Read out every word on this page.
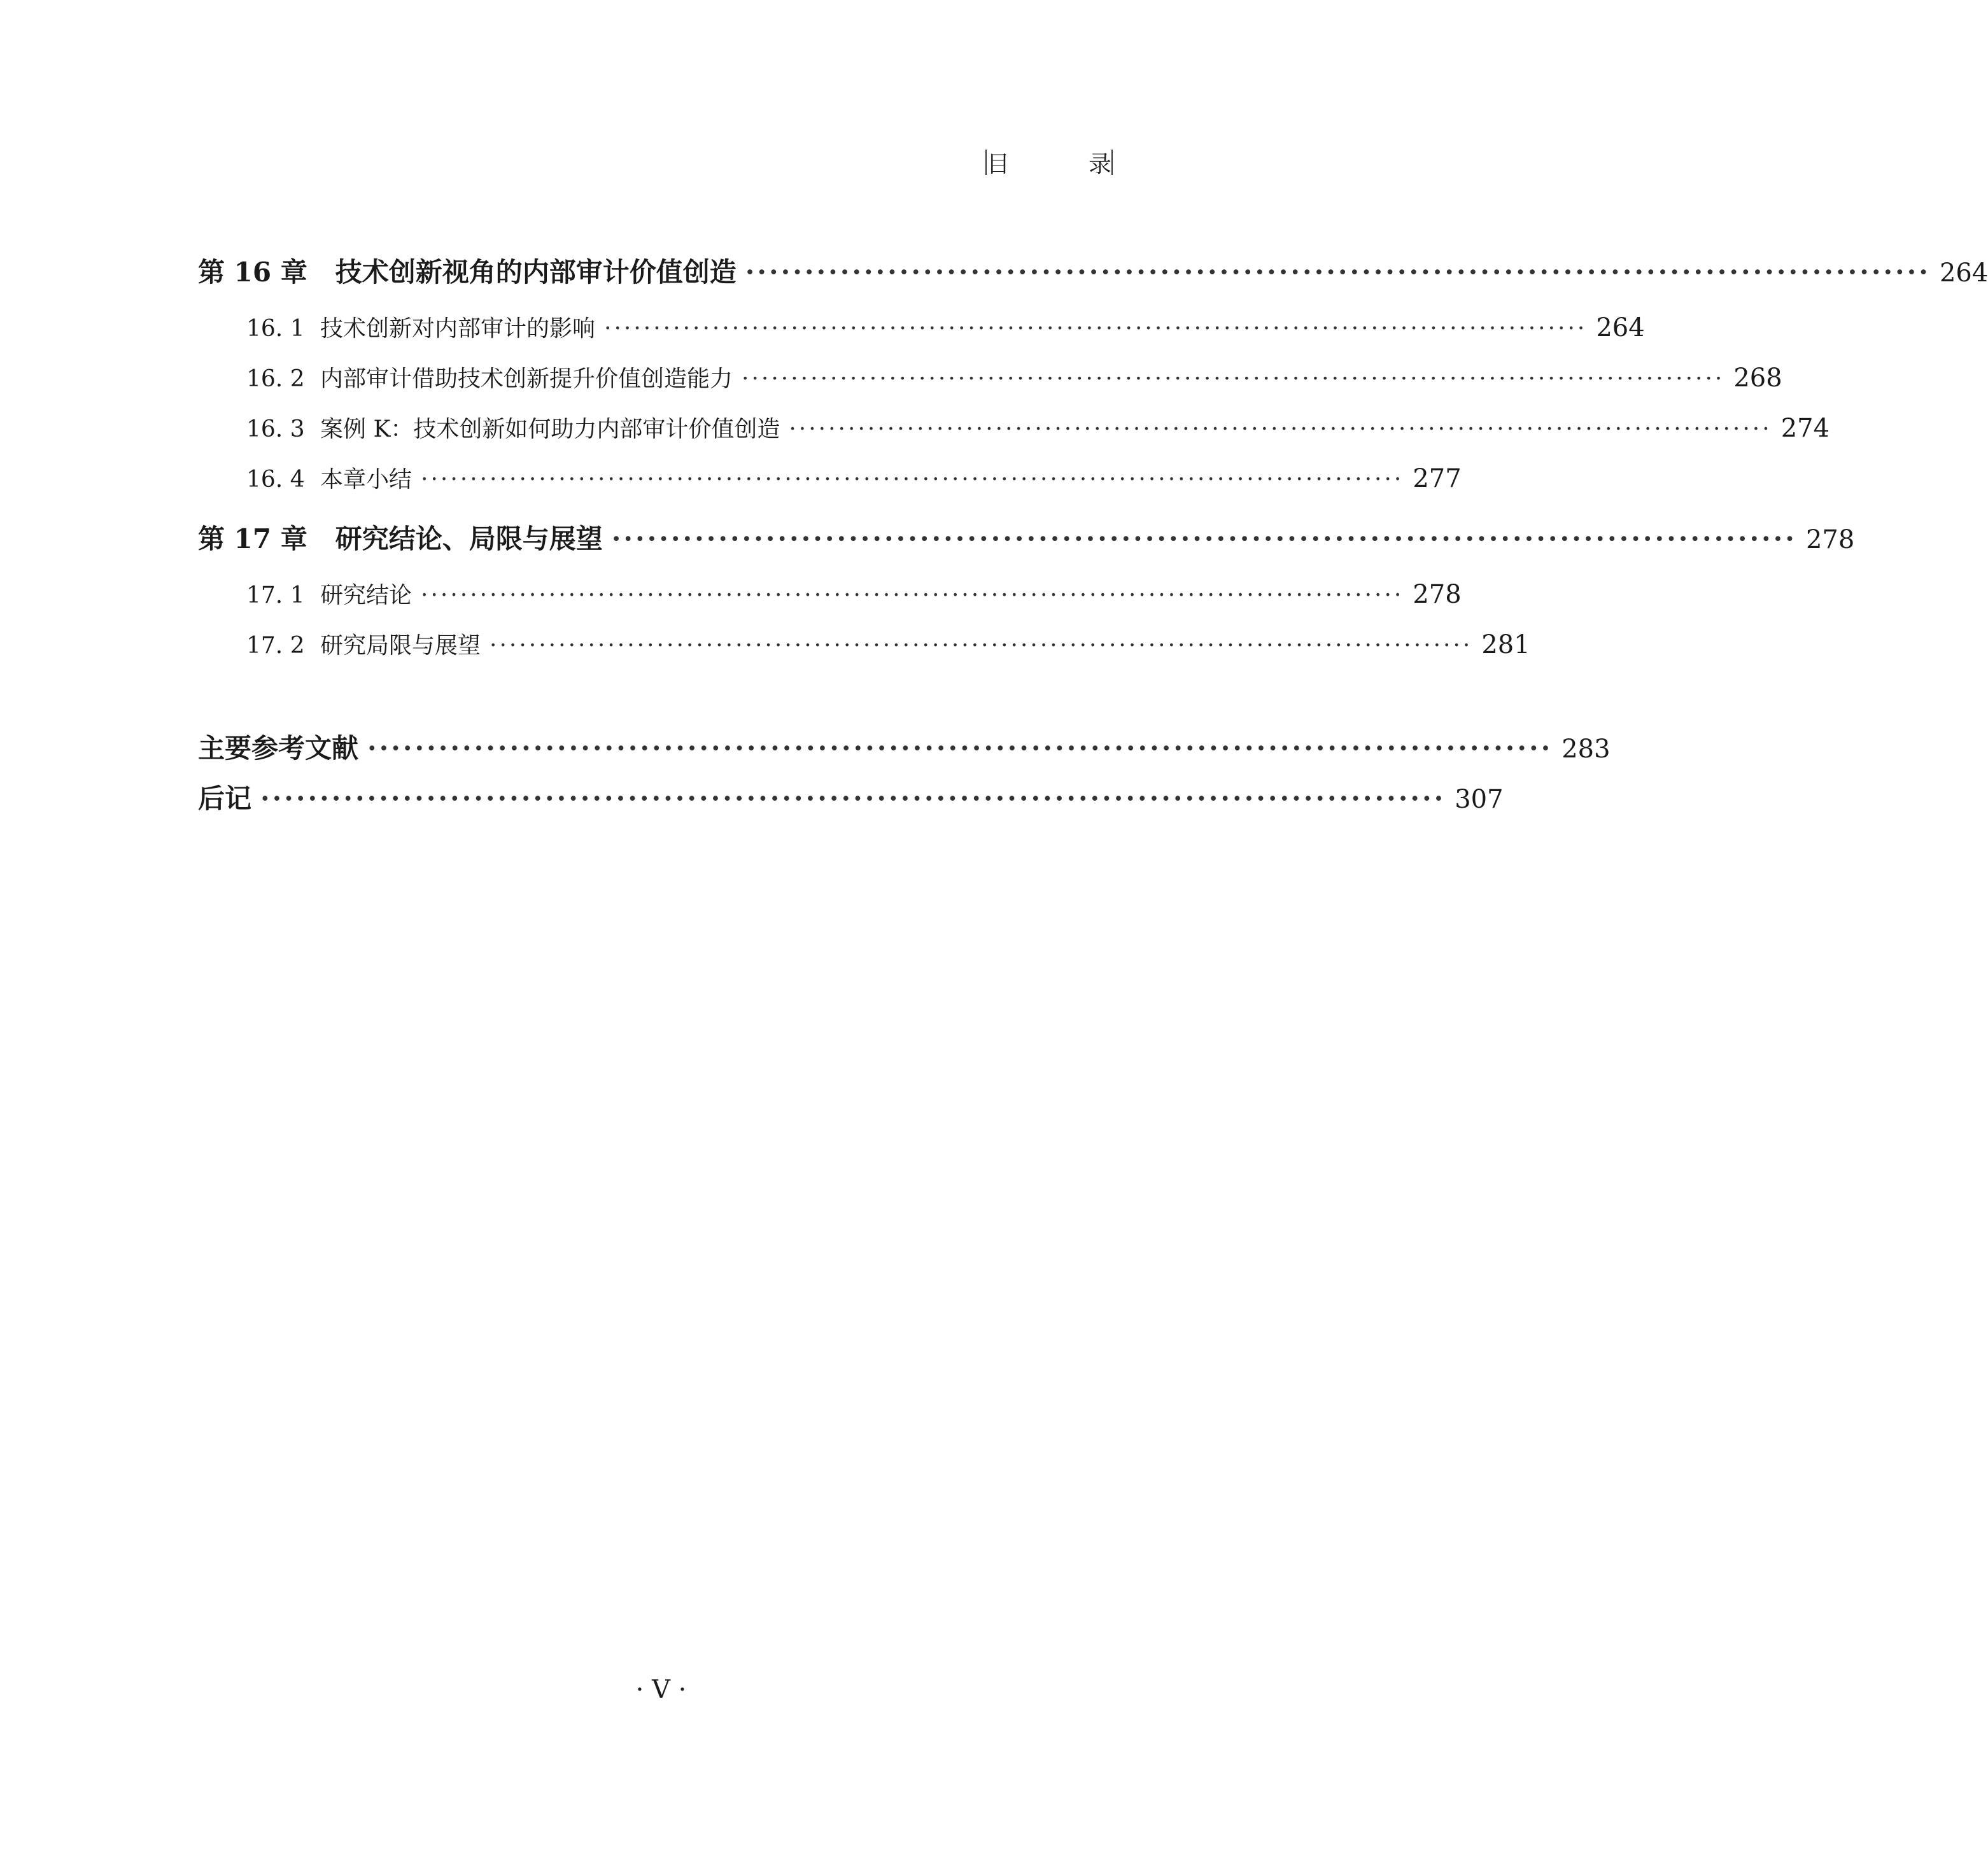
目	录
第 16 章 技术创新视角的内部审计价值创造 ···································································································· 264
16. 1 技术创新对内部审计的影响 ···································································································· 264
16. 2 内部审计借助技术创新提升价值创造能力 ···································································································· 268
16. 3 案例 K：技术创新如何助力内部审计价值创造 ···································································································· 274
16. 4 本章小结 ···································································································· 277
第 17 章 研究结论、局限与展望 ···································································································· 278
17. 1 研究结论 ···································································································· 278
17. 2 研究局限与展望 ···································································································· 281
主要参考文献 ···································································································· 283
后记 ···································································································· 307
· V ·
